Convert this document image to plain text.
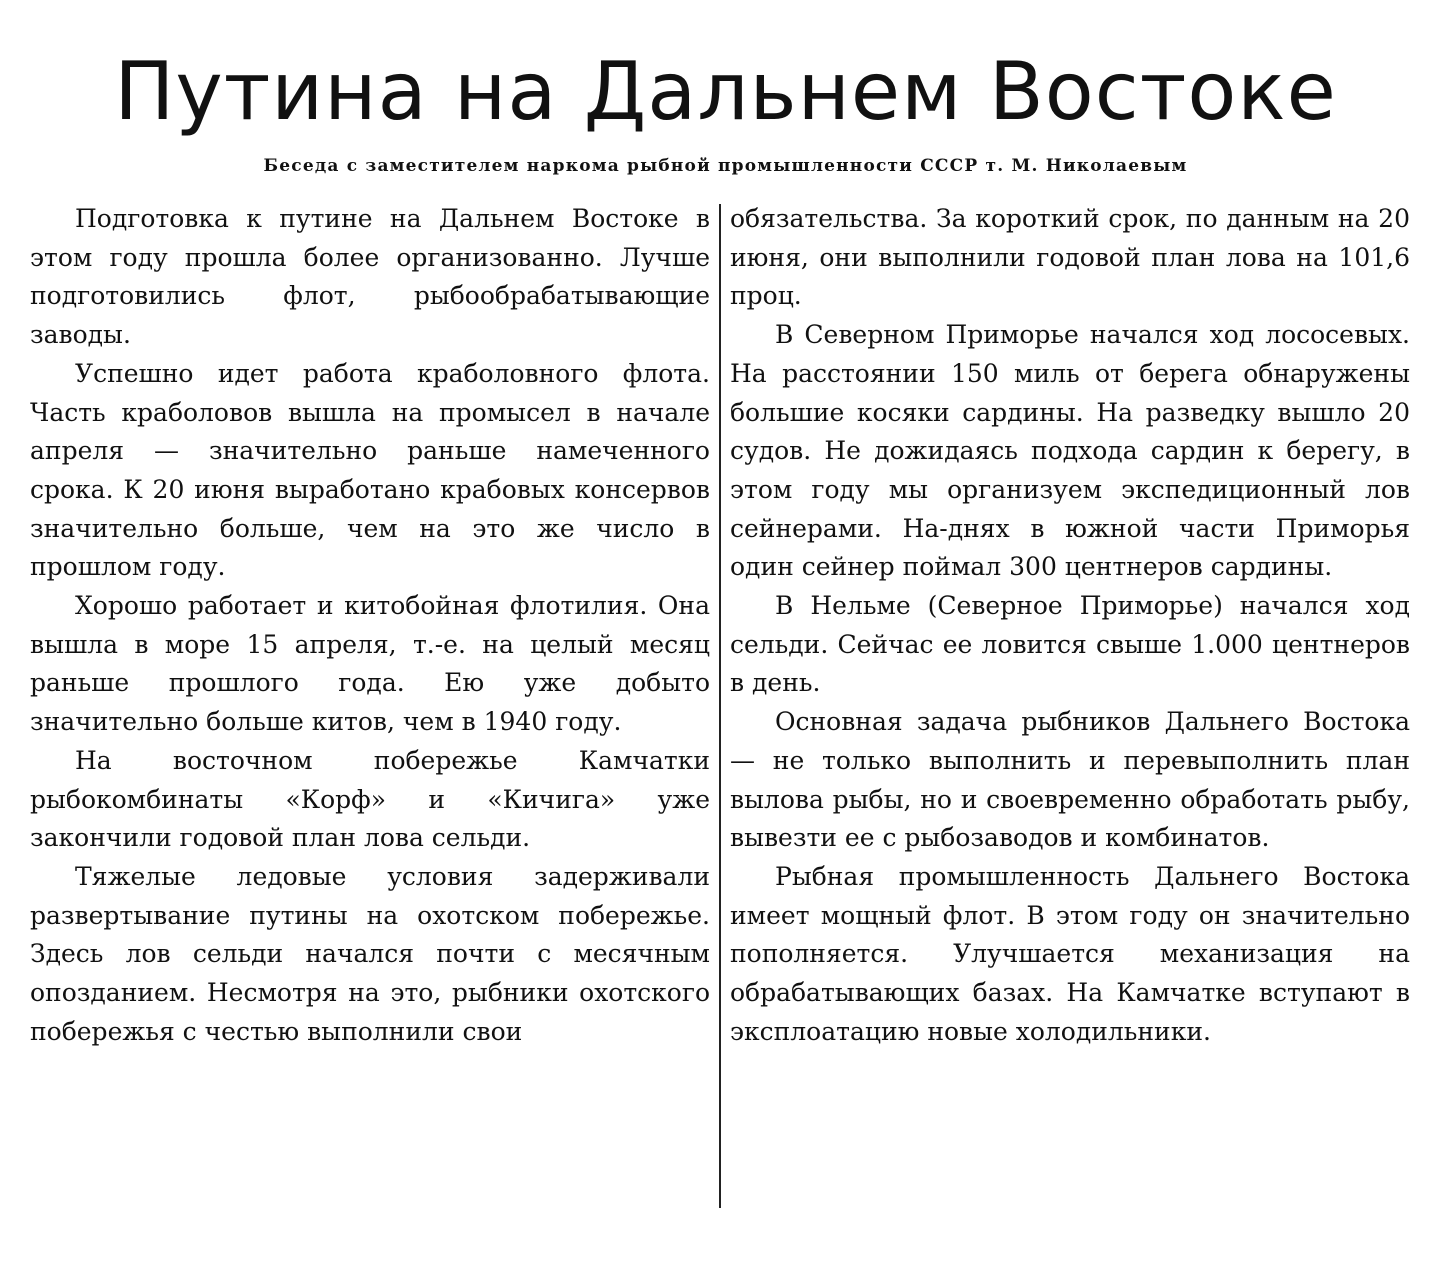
Путина на Дальнем Востоке
Беседа с заместителем наркома рыбной промышленности СССР т. М. Николаевым

Подготовка к путине на Дальнем Востоке в этом году прошла более организованно. Лучше подготовились флот, рыбообрабатывающие заводы.

Успешно идет работа краболовного флота. Часть краболовов вышла на промысел в начале апреля — значительно раньше намеченного срока. К 20 июня выработано крабовых консервов значительно больше, чем на это же число в прошлом году.

Хорошо работает и китобойная флотилия. Она вышла в море 15 апреля, т.-е. на целый месяц раньше прошлого года. Ею уже добыто значительно больше китов, чем в 1940 году.

На восточном побережье Камчатки рыбокомбинаты «Корф» и «Кичига» уже закончили годовой план лова сельди.

Тяжелые ледовые условия задерживали развертывание путины на охотском побережье. Здесь лов сельди начался почти с месячным опозданием. Несмотря на это, рыбники охотского побережья с честью выполнили свои

обязательства. За короткий срок, по данным на 20 июня, они выполнили годовой план лова на 101,6 проц.

В Северном Приморье начался ход лососевых. На расстоянии 150 миль от берега обнаружены большие косяки сардины. На разведку вышло 20 судов. Не дожидаясь подхода сардин к берегу, в этом году мы организуем экспедиционный лов сейнерами. На-днях в южной части Приморья один сейнер поймал 300 центнеров сардины.

В Нельме (Северное Приморье) начался ход сельди. Сейчас ее ловится свыше 1.000 центнеров в день.

Основная задача рыбников Дальнего Востока — не только выполнить и перевыполнить план вылова рыбы, но и своевременно обработать рыбу, вывезти ее с рыбозаводов и комбинатов.

Рыбная промышленность Дальнего Востока имеет мощный флот. В этом году он значительно пополняется. Улучшается механизация на обрабатывающих базах. На Камчатке вступают в эксплоатацию новые холодильники.
